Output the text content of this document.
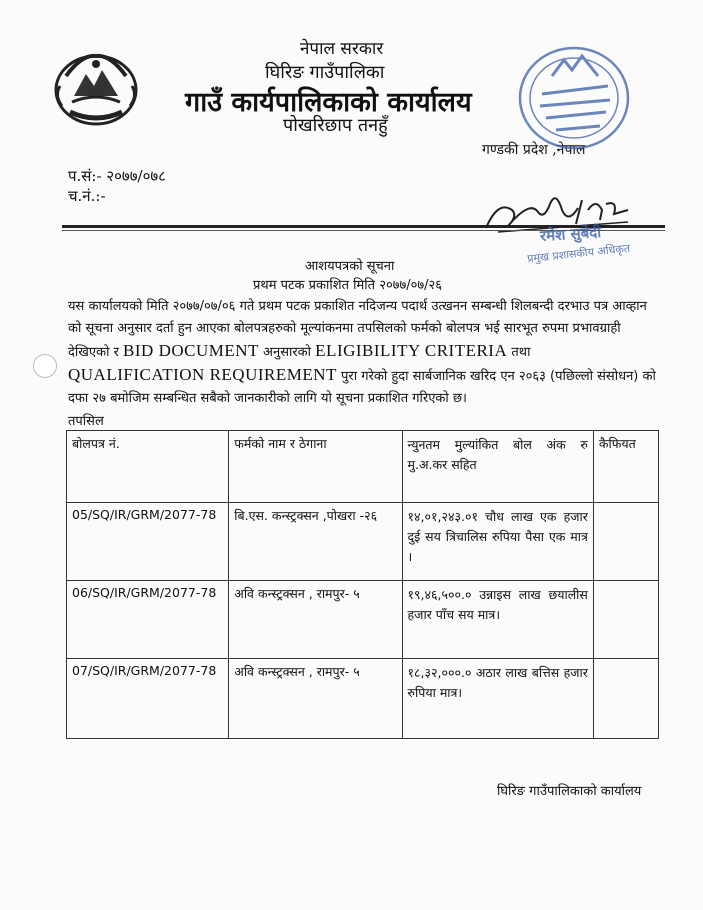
नेपाल सरकार
घिरिङ गाउँपालिका
गाउँ कार्यपालिकाको कार्यालय
पोखरिछाप तनहुँ
गण्डकी प्रदेश ,नेपाल
प.सं:- २०७७/०७८
च.नं.:-
रमेश सुबेदी
प्रमुख प्रशासकीय अधिकृत
आशयपत्रको सूचना
प्रथम पटक प्रकाशित मिति २०७७/०७/२६
यस कार्यालयको मिति २०७७/०७/०६ गते प्रथम पटक प्रकाशित नदिजन्य पदार्थ उत्खनन सम्बन्धी शिलबन्दी दरभाउ पत्र आव्हान को सूचना अनुसार दर्ता हुन आएका बोलपत्रहरुको मूल्यांकनमा तपसिलको फर्मको बोलपत्र भई सारभूत रुपमा प्रभावग्राही देखिएको र BID DOCUMENT अनुसारको ELIGIBILITY CRITERIA तथा QUALIFICATION REQUIREMENT पुरा गरेको हुदा सार्बजानिक खरिद एन २०६३ (पछिल्लो संसोधन) को दफा २७ बमोजिम सम्बन्धित सबैको जानकारीको लागि यो सूचना प्रकाशित गरिएको छ।
तपसिल
बोलपत्र नं.	फर्मको नाम र ठेगाना	न्युनतम मुल्यांकित बोल अंक रु मु.अ.कर सहित	कैफियत
05/SQ/IR/GRM/2077-78	बि.एस. कन्स्ट्रक्सन ,पोखरा -२६	१४,०१,२४३.०१ चौध लाख एक हजार दुई सय त्रिचालिस रुपिया पैसा एक मात्र ।	
06/SQ/IR/GRM/2077-78	अवि कन्स्ट्रक्सन , रामपुर- ५	१९,४६,५००.० उन्नाइस लाख छयालीस हजार पाँच सय मात्र।	
07/SQ/IR/GRM/2077-78	अवि कन्स्ट्रक्सन , रामपुर- ५	१८,३२,०००.० अठार लाख बत्तिस हजार रुपिया मात्र।	
घिरिङ गाउँपालिकाको कार्यालय
